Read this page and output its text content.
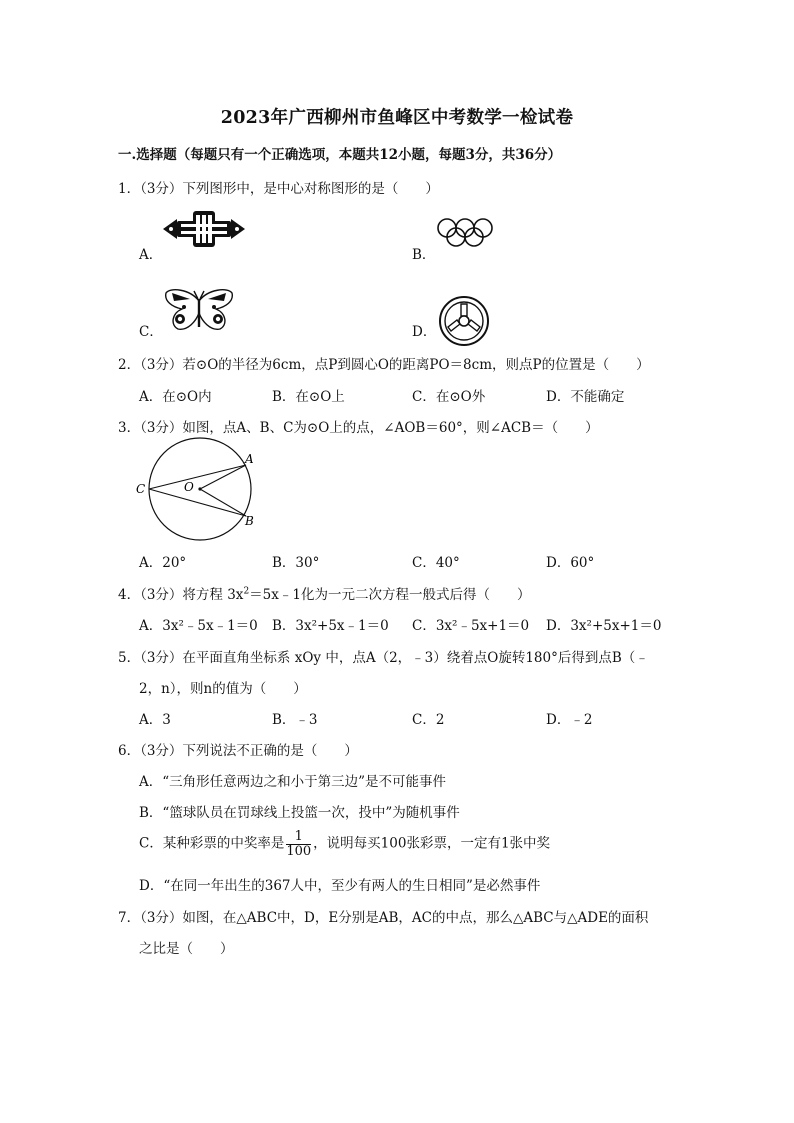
2023年广西柳州市鱼峰区中考数学一检试卷
一.选择题（每题只有一个正确选项，本题共12小题，每题3分，共36分）
1．（3分）下列图形中，是中心对称图形的是（　　）
A．	B．
C．	D．
2．（3分）若⊙O的半径为6cm，点P到圆心O的距离PO＝8cm，则点P的位置是（　　）
A．在⊙O内	B．在⊙O上	C．在⊙O外	D．不能确定
3．（3分）如图，点A、B、C为⊙O上的点，∠AOB＝60°，则∠ACB＝（　　）
A
B
C	O
A．20°	B．30°	C．40°	D．60°
4．（3分）将方程 $3x^2=5x﹣1$化为一元二次方程一般式后得（　　）
A．3x²﹣5x﹣1＝0 B．3x²+5x﹣1＝0 C．3x²﹣5x+1＝0 D．3x²+5x+1＝0
5．（3分）在平面直角坐标系 xOy 中，点A（2，﹣3）绕着点O旋转180°后得到点B（﹣
2，n），则n的值为（　　）
A．3	B．﹣3	C．2	D．﹣2
6．（3分）下列说法不正确的是（　　）
A．“三角形任意两边之和小于第三边”是不可能事件
B．“篮球队员在罚球线上投篮一次，投中”为随机事件
C．某种彩票的中奖率是 $\frac{1}{100}$ ，说明每买100张彩票，一定有1张中奖
D．“在同一年出生的367人中，至少有两人的生日相同”是必然事件
7．（3分）如图，在△ABC中，D，E分别是AB，AC的中点，那么△ABC与△ADE的面积
之比是（　　）
